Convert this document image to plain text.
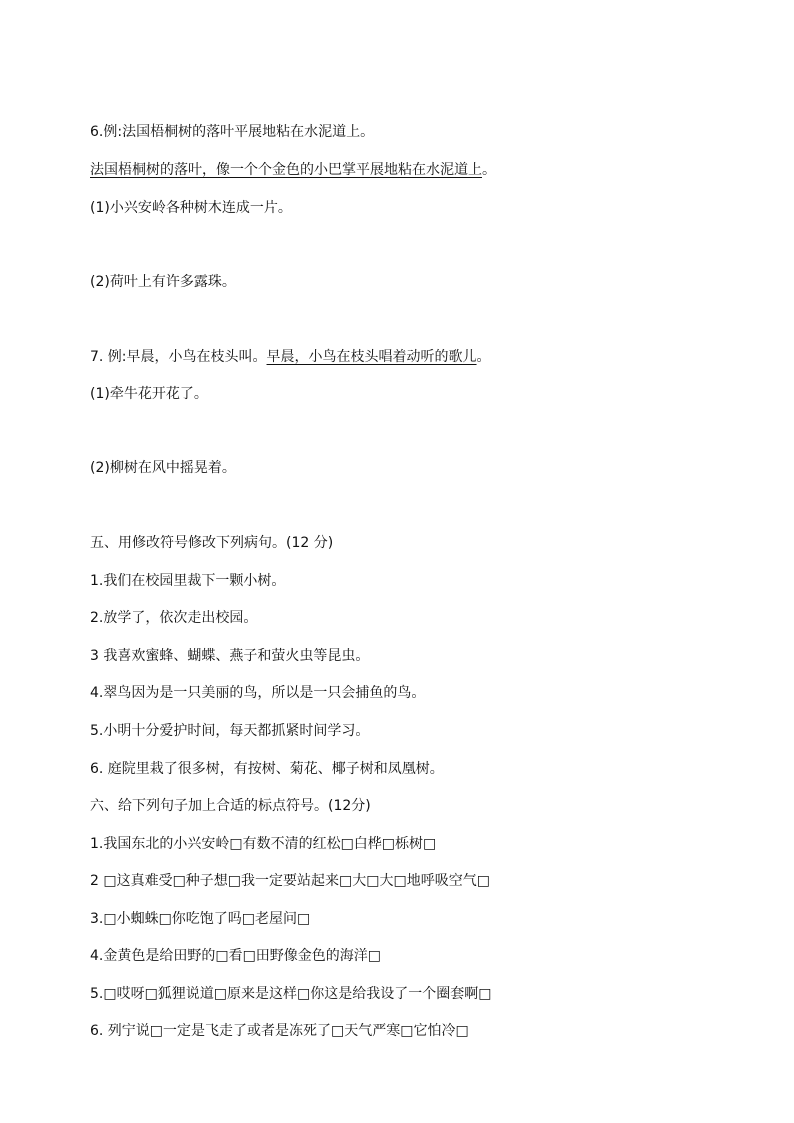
6.例:法国梧桐树的落叶平展地粘在水泥道上。
法国梧桐树的落叶，像一个个金色的小巴掌平展地粘在水泥道上。
(1)小兴安岭各种树木连成一片。
(2)荷叶上有许多露珠。
7. 例:早晨，小鸟在枝头叫。早晨，小鸟在枝头唱着动听的歌儿。
(1)牵牛花开花了。
(2)柳树在风中摇晃着。
五、用修改符号修改下列病句。(12 分)
1.我们在校园里裁下一颗小树。
2.放学了，依次走出校园。
3 我喜欢蜜蜂、蝴蝶、燕子和萤火虫等昆虫。
4.翠鸟因为是一只美丽的鸟，所以是一只会捕鱼的鸟。
5.小明十分爱护时间，每天都抓紧时间学习。
6. 庭院里栽了很多树，有按树、菊花、椰子树和凤凰树。
六、给下列句子加上合适的标点符号。(12分)
1.我国东北的小兴安岭□有数不清的红松□白桦□栎树□
2 □这真难受□种子想□我一定要站起来□大□大□地呼吸空气□
3.□小蜘蛛□你吃饱了吗□老屋问□
4.金黄色是给田野的□看□田野像金色的海洋□
5.□哎呀□狐狸说道□原来是这样□你这是给我设了一个圈套啊□
6. 列宁说□一定是飞走了或者是冻死了□天气严寒□它怕冷□
